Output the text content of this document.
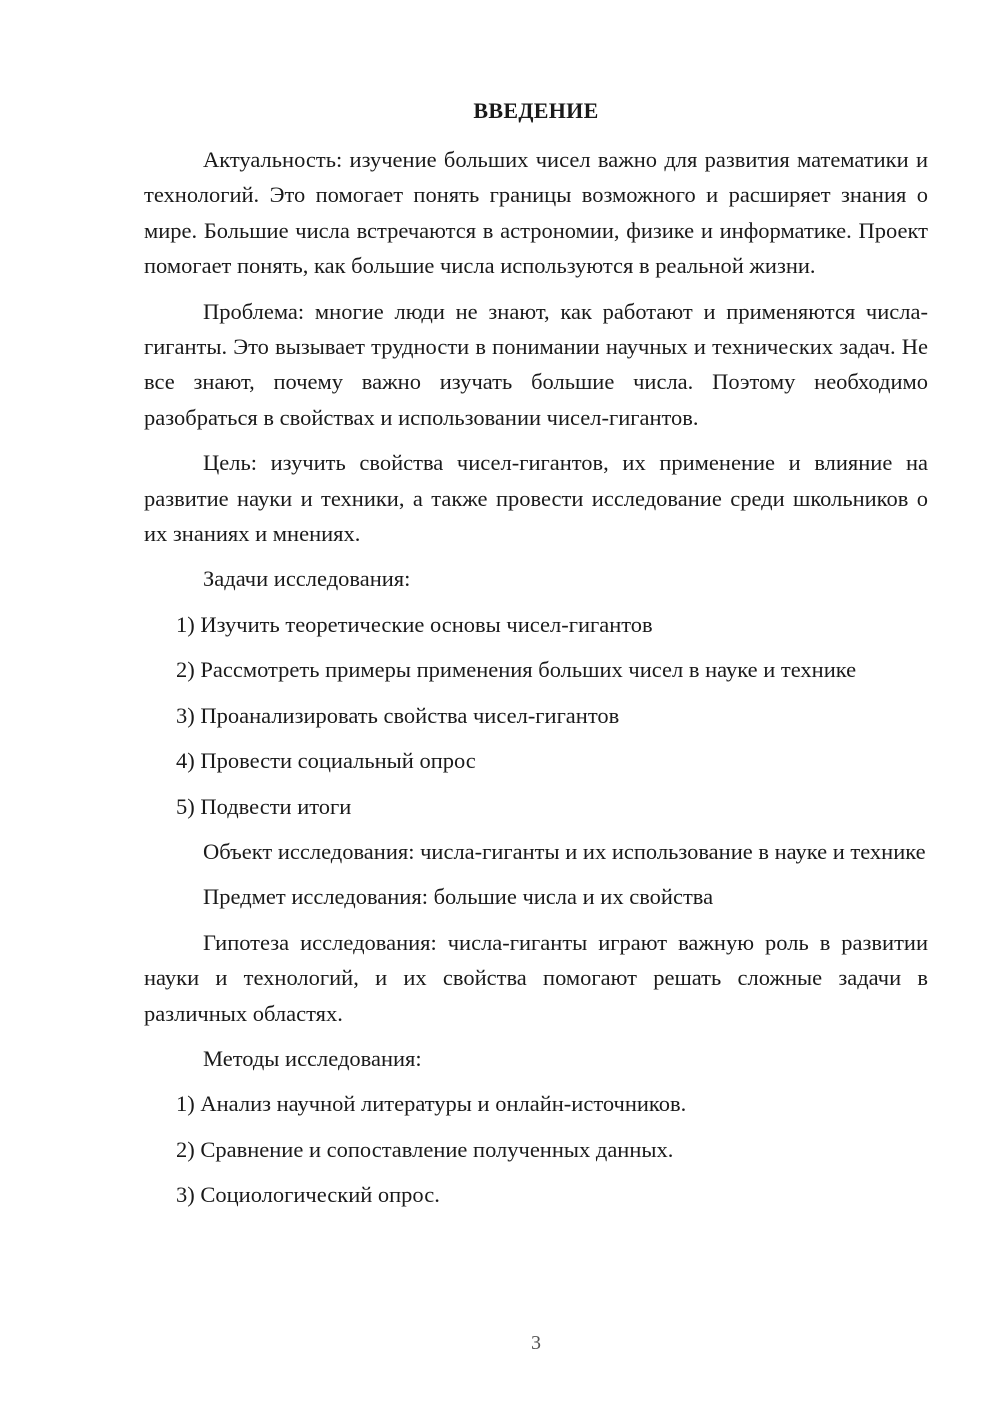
ВВЕДЕНИЕ

Актуальность: изучение больших чисел важно для развития математики и технологий. Это помогает понять границы возможного и расширяет знания о мире. Большие числа встречаются в астрономии, физике и информатике. Проект помогает понять, как большие числа используются в реальной жизни.

Проблема: многие люди не знают, как работают и применяются числа-гиганты. Это вызывает трудности в понимании научных и технических задач. Не все знают, почему важно изучать большие числа. Поэтому необходимо разобраться в свойствах и использовании чисел-гигантов.

Цель: изучить свойства чисел-гигантов, их применение и влияние на развитие науки и техники, а также провести исследование среди школьников о их знаниях и мнениях.

Задачи исследования:

1) Изучить теоретические основы чисел-гигантов
2) Рассмотреть примеры применения больших чисел в науке и технике
3) Проанализировать свойства чисел-гигантов
4) Провести социальный опрос
5) Подвести итоги

Объект исследования: числа-гиганты и их использование в науке и технике

Предмет исследования: большие числа и их свойства

Гипотеза исследования: числа-гиганты играют важную роль в развитии науки и технологий, и их свойства помогают решать сложные задачи в различных областях.

Методы исследования:

1) Анализ научной литературы и онлайн-источников.
2) Сравнение и сопоставление полученных данных.
3) Социологический опрос.
3
